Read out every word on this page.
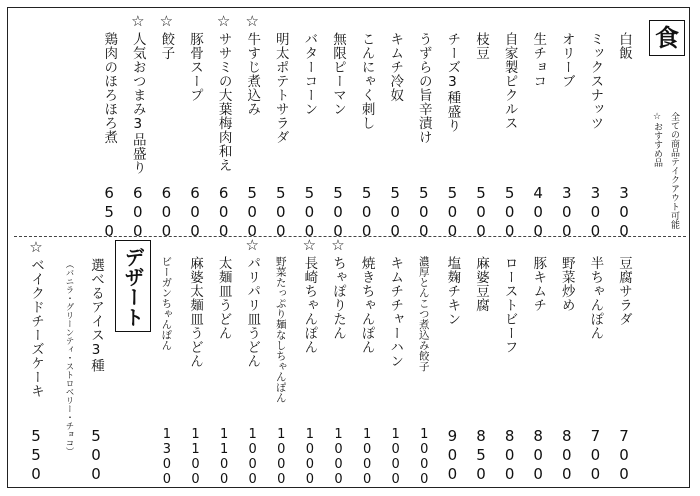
食
全ての商品テイクアウト可能
☆おすすめ品
デザート
白飯
300
ミックスナッツ
300
オリーブ
300
生チョコ
400
自家製ピクルス
500
枝豆
500
チーズ3種盛り
500
うずらの旨辛漬け
500
キムチ冷奴
500
こんにゃく刺し
500
無限ピーマン
500
バターコーン
500
明太ポテトサラダ
500
☆
牛すじ煮込み
500
☆
ササミの大葉梅肉和え
600
豚骨スープ
600
☆
餃子
600
☆
人気おつまみ3品盛り
600
鶏肉のほろほろ煮
650
豆腐サラダ
700
半ちゃんぽん
700
野菜炒め
800
豚キムチ
800
ローストビーフ
800
麻婆豆腐
850
塩麹チキン
900
濃厚とんこつ煮込み餃子
1000
キムチチャーハン
1000
焼きちゃんぽん
1000
☆
ちゃぽりたん
1000
☆
長崎ちゃんぽん
1000
野菜たっぷり麺なしちゃんぽん
1000
☆
パリパリ皿うどん
1000
太麺皿うどん
1100
麻婆太麺皿うどん
1100
ビーガンちゃんぽん
1300
選べるアイス3種
（バニラ・グリーンティ・ストロベリー・チョコ） 500
☆
ベイクドチーズケーキ
550
